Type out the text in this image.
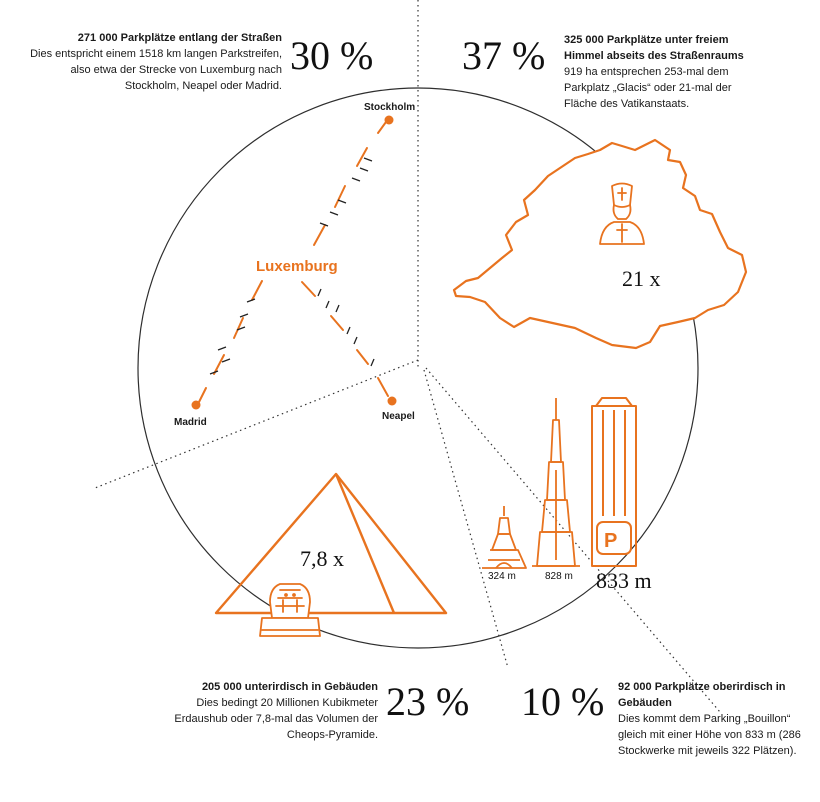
Luxemburg
Stockholm
Madrid
Neapel
21 x
7,8 x
324 m	828 m
P
833 m
271 000 Parkplätze entlang der Straßen
Dies entspricht einem 1518 km langen Parkstreifen, also etwa der Strecke von Luxemburg nach Stockholm, Neapel oder Madrid.
30 % 37 % 325 000 Parkplätze unter freiem Himmel abseits des Straßenraums
919 ha entsprechen 253-mal dem Parkplatz „Glacis“ oder 21-mal der Fläche des Vatikanstaats.
205 000 unterirdisch in Gebäuden
Dies bedingt 20 Millionen Kubikmeter Erdaushub oder 7,8-mal das Volumen der Cheops-Pyramide.
23 % 10 % 92 000 Parkplätze oberirdisch in Gebäuden
Dies kommt dem Parking „Bouillon“ gleich mit einer Höhe von 833 m (286 Stockwerke mit jeweils 322 Plätzen).
